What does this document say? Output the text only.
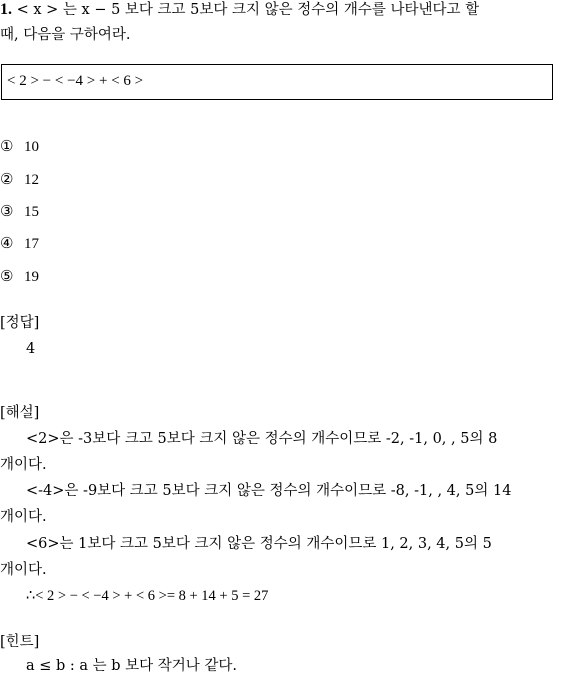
1. < x > 는 x − 5 보다 크고 5보다 크지 않은 정수의 개수를 나타낸다고 할
때, 다음을 구하여라.
< 2 > − < −4 > + < 6 >
① 10
② 12
③ 15
④ 17
⑤ 19
[정답]
4
[해설]
<2>은 -3보다 크고 5보다 크지 않은 정수의 개수이므로 -2, -1, 0, , 5의 8
개이다.
<-4>은 -9보다 크고 5보다 크지 않은 정수의 개수이므로 -8, -1, , 4, 5의 14
개이다.
<6>는 1보다 크고 5보다 크지 않은 정수의 개수이므로 1, 2, 3, 4, 5의 5
개이다.
∴< 2 > − < −4 > + < 6 >= 8 + 14 + 5 = 27
[힌트]
a ≤ b : a 는 b 보다 작거나 같다.
